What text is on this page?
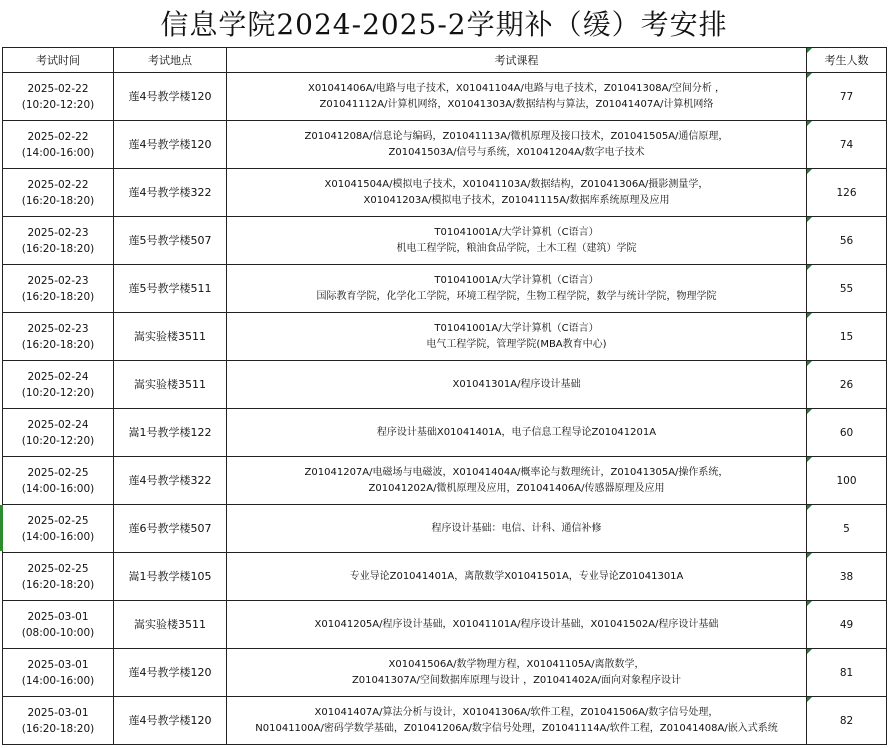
信息学院2024-2025-2学期补（缓）考安排
考试时间	考试地点	考试课程	考生人数

2025-02-22
(10:20-12:20)	莲4号教学楼120	X01041406A/电路与电子技术，X01041104A/电路与电子技术，Z01041308A/空间分析 ，
Z01041112A/计算机网络，X01041303A/数据结构与算法，Z01041407A/计算机网络	77

2025-02-22
(14:00-16:00)	莲4号教学楼120	Z01041208A/信息论与编码，Z01041113A/微机原理及接口技术，Z01041505A/通信原理，
Z01041503A/信号与系统，X01041204A/数字电子技术	74

2025-02-22
(16:20-18:20)	莲4号教学楼322	X01041504A/模拟电子技术，X01041103A/数据结构，Z01041306A/摄影测量学，
X01041203A/模拟电子技术，Z01041115A/数据库系统原理及应用	126

2025-02-23
(16:20-18:20)	莲5号教学楼507	T01041001A/大学计算机（C语言）
机电工程学院，粮油食品学院，土木工程（建筑）学院	56

2025-02-23
(16:20-18:20)	莲5号教学楼511	T01041001A/大学计算机（C语言）
国际教育学院，化学化工学院，环境工程学院，生物工程学院，数学与统计学院，物理学院	55

2025-02-23
(16:20-18:20)	嵩实验楼3511	T01041001A/大学计算机（C语言）
电气工程学院，管理学院(MBA教育中心)	15

2025-02-24
(10:20-12:20)	嵩实验楼3511	X01041301A/程序设计基础	26

2025-02-24
(10:20-12:20)	嵩1号教学楼122	程序设计基础X01041401A，电子信息工程导论Z01041201A	60

2025-02-25
(14:00-16:00)	莲4号教学楼322	Z01041207A/电磁场与电磁波，X01041404A/概率论与数理统计，Z01041305A/操作系统，
Z01041202A/微机原理及应用，Z01041406A/传感器原理及应用	100

2025-02-25
(14:00-16:00)	莲6号教学楼507	程序设计基础：电信、计科、通信补修	5

2025-02-25
(16:20-18:20)	嵩1号教学楼105	专业导论Z01041401A，离散数学X01041501A，专业导论Z01041301A	38

2025-03-01
(08:00-10:00)	嵩实验楼3511	X01041205A/程序设计基础，X01041101A/程序设计基础，X01041502A/程序设计基础	49

2025-03-01
(14:00-16:00)	莲4号教学楼120	X01041506A/数学物理方程，X01041105A/离散数学，
Z01041307A/空间数据库原理与设计 ，Z01041402A/面向对象程序设计	81

2025-03-01
(16:20-18:20)	莲4号教学楼120	X01041407A/算法分析与设计，X01041306A/软件工程，Z01041506A/数字信号处理，
N01041100A/密码学数学基础，Z01041206A/数字信号处理，Z01041114A/软件工程，Z01041408A/嵌入式系统	82
